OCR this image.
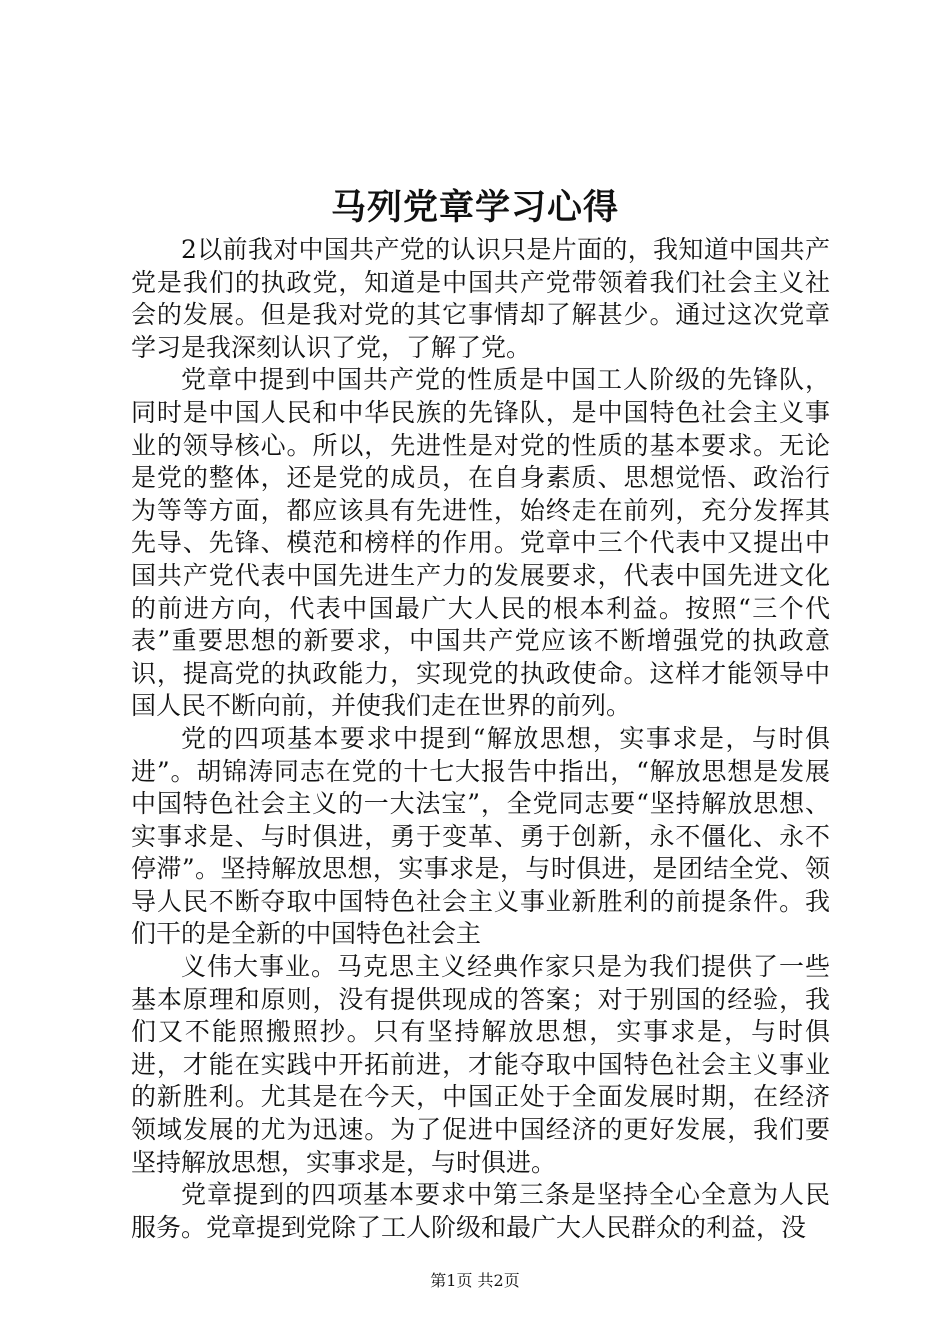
马列党章学习心得

2以前我对中国共产党的认识只是片面的，我知道中国共产党是我们的执政党，知道是中国共产党带领着我们社会主义社会的发展。但是我对党的其它事情却了解甚少。通过这次党章学习是我深刻认识了党，了解了党。

党章中提到中国共产党的性质是中国工人阶级的先锋队，同时是中国人民和中华民族的先锋队，是中国特色社会主义事业的领导核心。所以，先进性是对党的性质的基本要求。无论是党的整体，还是党的成员，在自身素质、思想觉悟、政治行为等等方面，都应该具有先进性，始终走在前列，充分发挥其先导、先锋、模范和榜样的作用。党章中三个代表中又提出中国共产党代表中国先进生产力的发展要求，代表中国先进文化的前进方向，代表中国最广大人民的根本利益。按照“三个代表”重要思想的新要求，中国共产党应该不断增强党的执政意识，提高党的执政能力，实现党的执政使命。这样才能领导中国人民不断向前，并使我们走在世界的前列。

党的四项基本要求中提到“解放思想，实事求是，与时俱进”。胡锦涛同志在党的十七大报告中指出，“解放思想是发展中国特色社会主义的一大法宝”，全党同志要“坚持解放思想、实事求是、与时俱进，勇于变革、勇于创新，永不僵化、永不停滞”。坚持解放思想，实事求是，与时俱进，是团结全党、领导人民不断夺取中国特色社会主义事业新胜利的前提条件。我们干的是全新的中国特色社会主

义伟大事业。马克思主义经典作家只是为我们提供了一些基本原理和原则，没有提供现成的答案；对于别国的经验，我们又不能照搬照抄。只有坚持解放思想，实事求是，与时俱进，才能在实践中开拓前进，才能夺取中国特色社会主义事业的新胜利。尤其是在今天，中国正处于全面发展时期，在经济领域发展的尤为迅速。为了促进中国经济的更好发展，我们要坚持解放思想，实事求是，与时俱进。

党章提到的四项基本要求中第三条是坚持全心全意为人民服务。党章提到党除了工人阶级和最广大人民群众的利益，没

第1页 共2页
